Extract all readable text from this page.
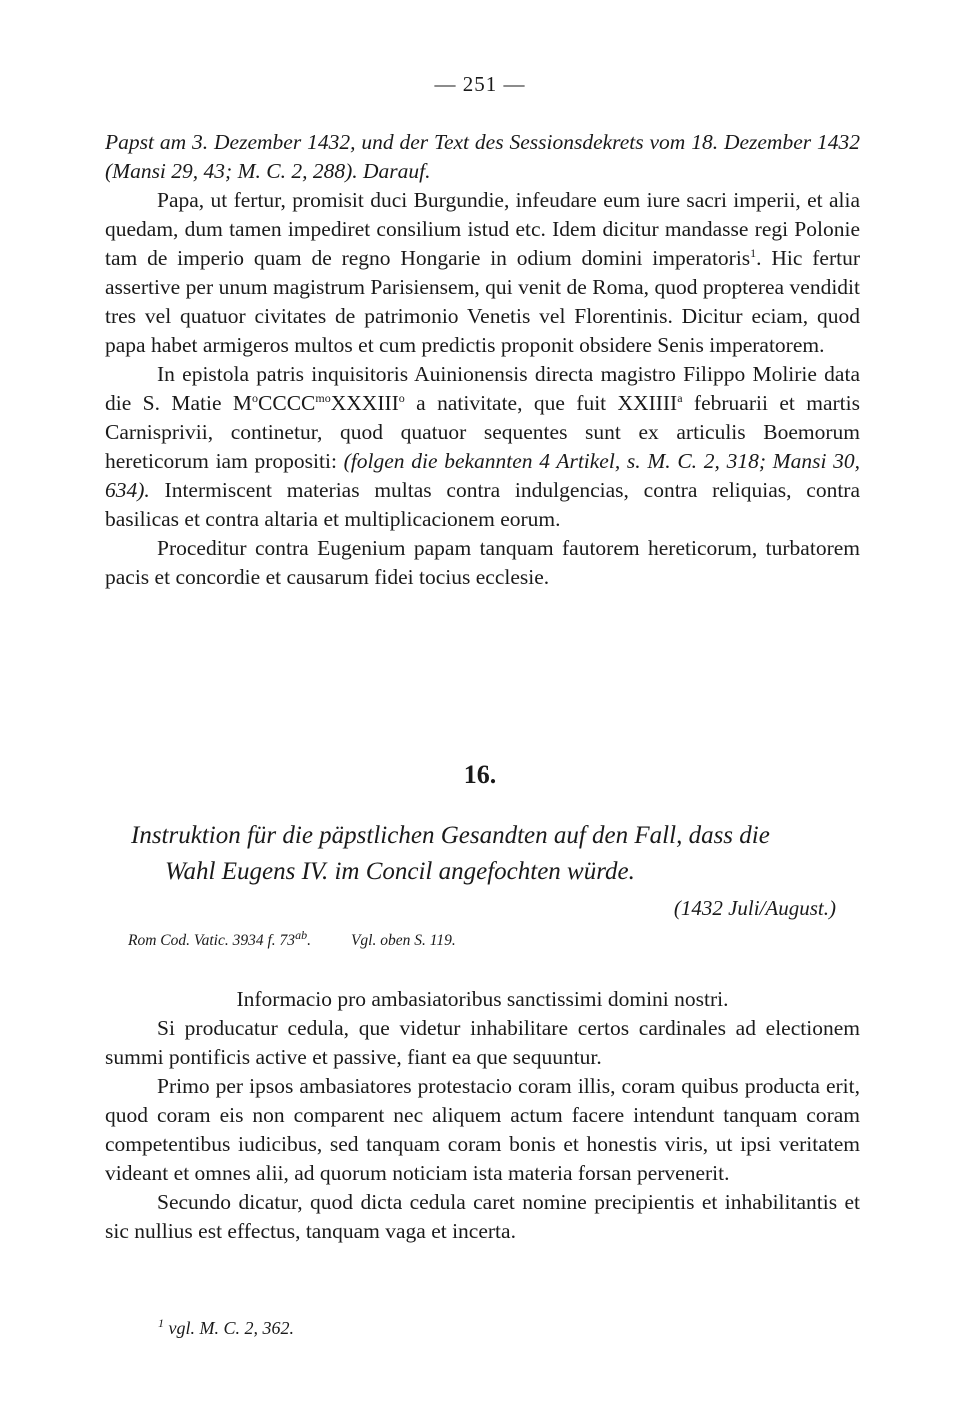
— 251 —

Papst am 3. Dezember 1432, und der Text des Sessionsdekrets vom 18. Dezember 1432 (Mansi 29, 43; M. C. 2, 288). Darauf.

Papa, ut fertur, promisit duci Burgundie, infeudare eum iure sacri imperii, et alia quedam, dum tamen impediret consilium istud etc. Idem dicitur mandasse regi Polonie tam de imperio quam de regno Hongarie in odium domini imperatoris$^1$. Hic fertur assertive per unum magistrum Parisiensem, qui venit de Roma, quod propterea vendidit tres vel quatuor civitates de patrimonio Venetis vel Florentinis. Dicitur eciam, quod papa habet armigeros multos et cum predictis proponit obsidere Senis imperatorem.

In epistola patris inquisitoris Auinionensis directa magistro Filippo Molirie data die S. Matie $M^oCCCC^{mo}XXXIII^o$ a nativitate, que fuit XXIIII$^a$ februarii et martis Carnisprivii, continetur, quod quatuor sequentes sunt ex articulis Boemorum hereticorum iam propositi: (folgen die bekannten 4 Artikel, s. M. C. 2, 318; Mansi 30, 634). Intermiscent materias multas contra indulgencias, contra reliquias, contra basilicas et contra altaria et multiplicacionem eorum.

Proceditur contra Eugenium papam tanquam fautorem hereticorum, turbatorem pacis et concordie et causarum fidei tocius ecclesie.

16.
Instruktion für die päpstlichen Gesandten auf den Fall, dass die
Wahl Eugens IV. im Concil angefochten würde.
(1432 Juli/August.)
Rom Cod. Vatic. 3934 f. $73^{ab}$.	Vgl. oben S. 119.

Informacio pro ambasiatoribus sanctissimi domini nostri.

Si producatur cedula, que videtur inhabilitare certos cardinales ad electionem summi pontificis active et passive, fiant ea que sequuntur.

Primo per ipsos ambasiatores protestacio coram illis, coram quibus producta erit, quod coram eis non comparent nec aliquem actum facere intendunt tanquam coram competentibus iudicibus, sed tanquam coram bonis et honestis viris, ut ipsi veritatem videant et omnes alii, ad quorum noticiam ista materia forsan pervenerit.

Secundo dicatur, quod dicta cedula caret nomine precipientis et inhabilitantis et sic nullius est effectus, tanquam vaga et incerta.

$^1$ vgl. M. C. 2, 362.
